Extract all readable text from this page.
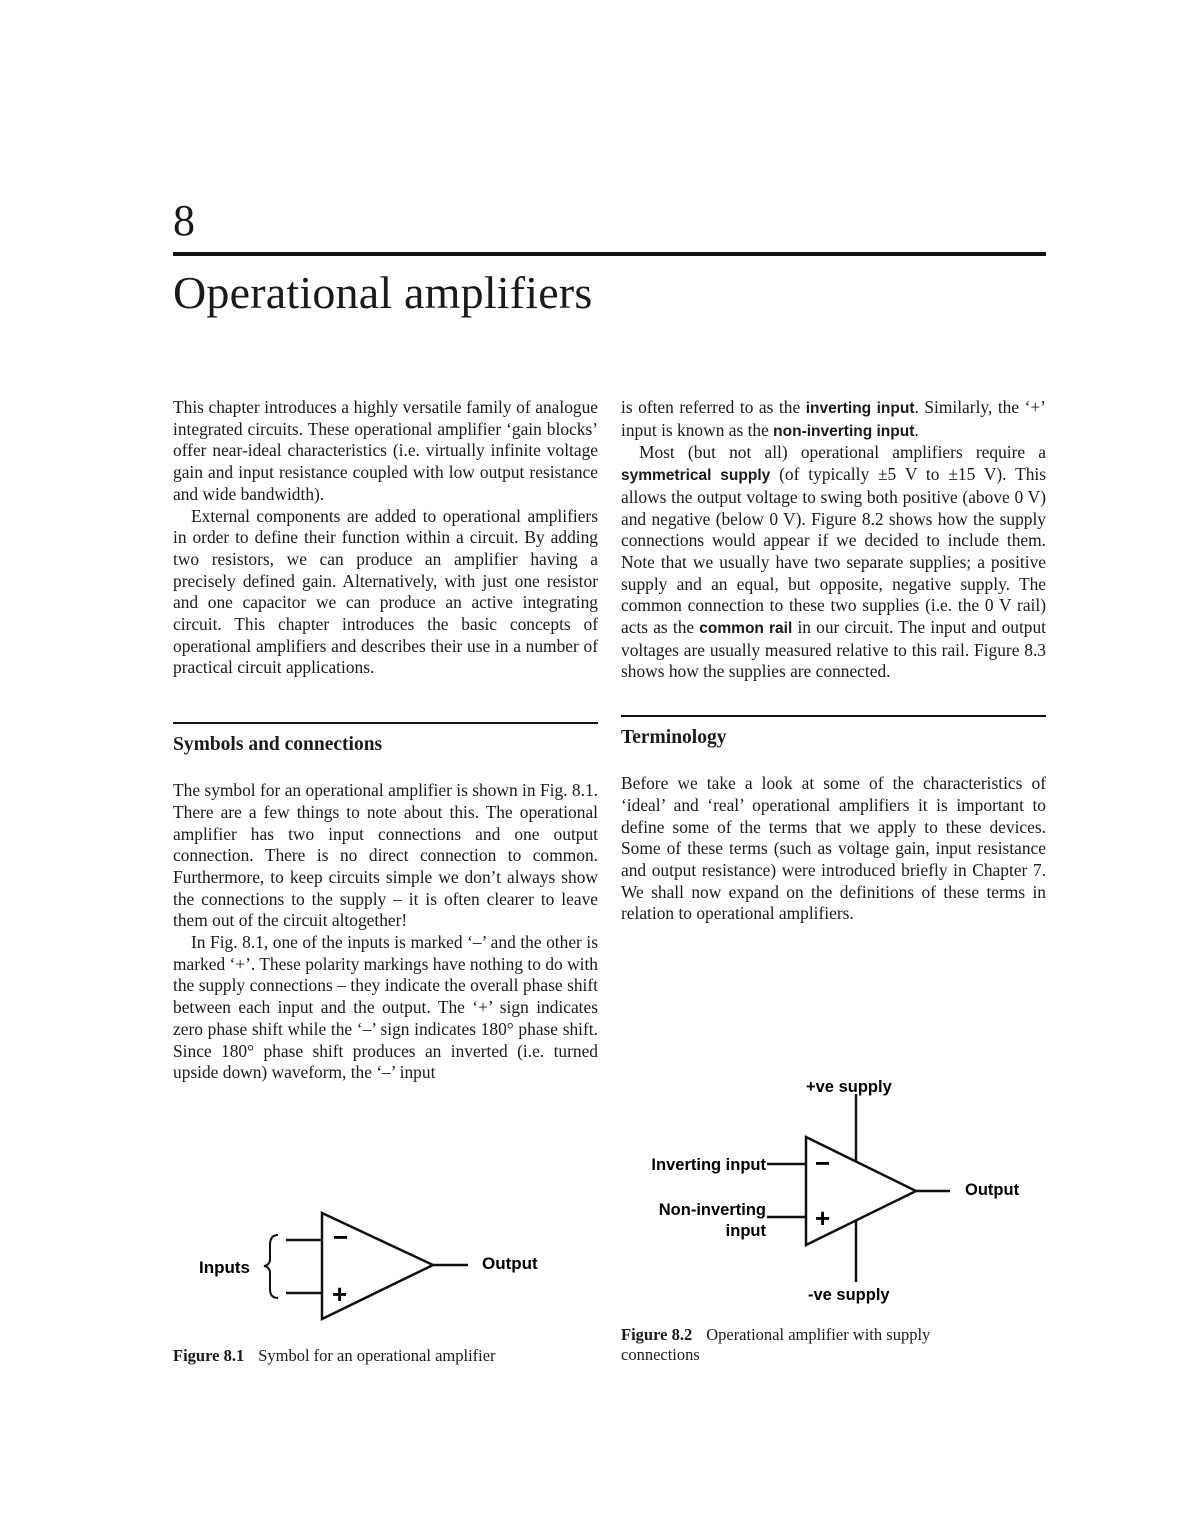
8
Operational amplifiers

This chapter introduces a highly versatile family of analogue integrated circuits. These operational amplifier ‘gain blocks’ offer near-ideal characteristics (i.e. virtually infinite voltage gain and input resistance coupled with low output resistance and wide bandwidth).

External components are added to operational amplifiers in order to define their function within a circuit. By adding two resistors, we can produce an amplifier having a precisely defined gain. Alternatively, with just one resistor and one capacitor we can produce an active integrating circuit. This chapter introduces the basic concepts of operational amplifiers and describes their use in a number of practical circuit applications.

Symbols and connections

The symbol for an operational amplifier is shown in Fig. 8.1. There are a few things to note about this. The operational amplifier has two input connections and one output connection. There is no direct connection to common. Furthermore, to keep circuits simple we don’t always show the connections to the supply – it is often clearer to leave them out of the circuit altogether!

In Fig. 8.1, one of the inputs is marked ‘–’ and the other is marked ‘+’. These polarity markings have nothing to do with the supply connections – they indicate the overall phase shift between each input and the output. The ‘+’ sign indicates zero phase shift while the ‘–’ sign indicates 180° phase shift. Since 180° phase shift produces an inverted (i.e. turned upside down) waveform, the ‘–’ input

is often referred to as the inverting input. Similarly, the ‘+’ input is known as the non-inverting input.

Most (but not all) operational amplifiers require a symmetrical supply (of typically ±5 V to ±15 V). This allows the output voltage to swing both positive (above 0 V) and negative (below 0 V). Figure 8.2 shows how the supply connections would appear if we decided to include them. Note that we usually have two separate supplies; a positive supply and an equal, but opposite, negative supply. The common connection to these two supplies (i.e. the 0 V rail) acts as the common rail in our circuit. The input and output voltages are usually measured relative to this rail. Figure 8.3 shows how the supplies are connected.

Terminology

Before we take a look at some of the characteristics of ‘ideal’ and ‘real’ operational amplifiers it is important to define some of the terms that we apply to these devices. Some of these terms (such as voltage gain, input resistance and output resistance) were introduced briefly in Chapter 7. We shall now expand on the definitions of these terms in relation to operational amplifiers.

Inputs	Output
−
+
Figure 8.1 Symbol for an operational amplifier
+ve supply
-ve supply
Inverting input
Non-inverting
input
Output
−
+
Figure 8.2 Operational amplifier with supply connections
